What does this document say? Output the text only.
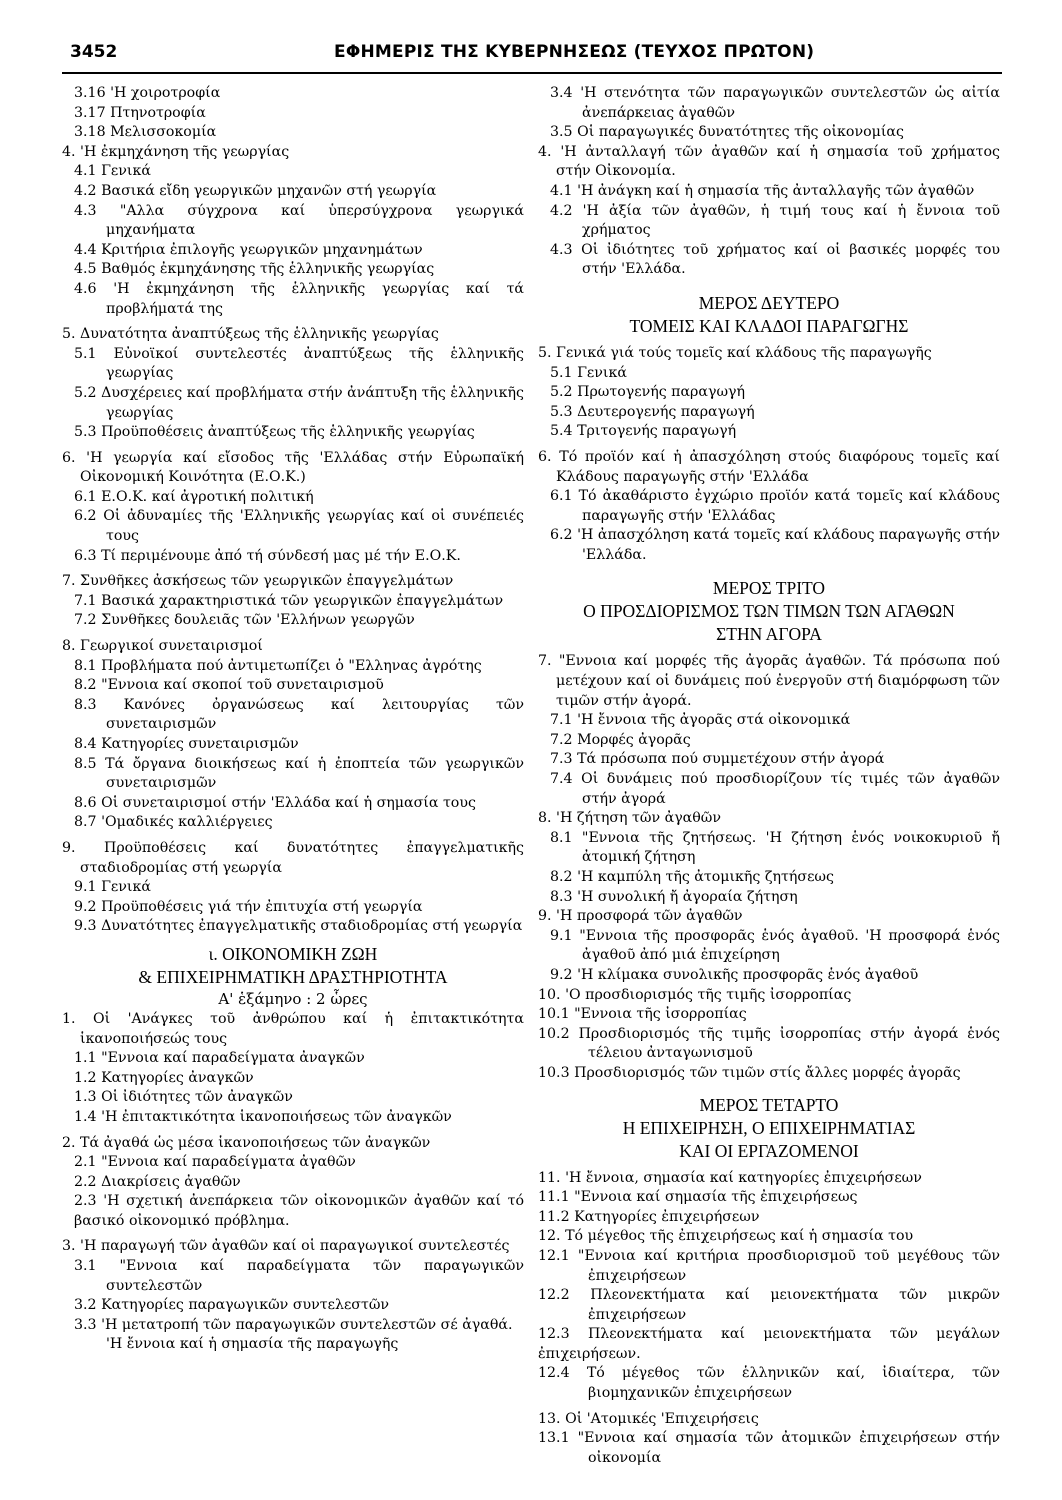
3452	ΕΦΗΜΕΡΙΣ ΤΗΣ ΚΥΒΕΡΝΗΣΕΩΣ (ΤΕΥΧΟΣ ΠΡΩΤΟΝ)
3.16 'Η χοιροτροφία
3.17 Πτηνοτροφία
3.18 Μελισσοκομία
4. 'Η ἐκμηχάνηση τῆς γεωργίας
4.1 Γενικά
4.2 Βασικά εἴδη γεωργικῶν μηχανῶν στή γεωργία
4.3 "Αλλα σύγχρονα καί ὑπερσύγχρονα γεωργικά μηχανήματα
4.4 Κριτήρια ἐπιλογῆς γεωργικῶν μηχανημάτων
4.5 Βαθμός ἐκμηχάνησης τῆς ἑλληνικῆς γεωργίας
4.6 'Η ἐκμηχάνηση τῆς ἑλληνικῆς γεωργίας καί τά προβλήματά της
5. Δυνατότητα ἀναπτύξεως τῆς ἑλληνικῆς γεωργίας
5.1 Εὐνοϊκοί συντελεστές ἀναπτύξεως τῆς ἑλληνικῆς γεωργίας
5.2 Δυσχέρειες καί προβλήματα στήν ἀνάπτυξη τῆς ἑλληνικῆς γεωργίας
5.3 Προϋποθέσεις ἀναπτύξεως τῆς ἑλληνικῆς γεωργίας
6. 'Η γεωργία καί εἴσοδος τῆς 'Ελλάδας στήν Εὐρωπαϊκή Οἰκονομική Κοινότητα (Ε.Ο.Κ.)
6.1 Ε.Ο.Κ. καί ἀγροτική πολιτική
6.2 Οἱ ἀδυναμίες τῆς 'Ελληνικῆς γεωργίας καί οἱ συνέπειές τους
6.3 Τί περιμένουμε ἀπό τή σύνδεσή μας μέ τήν Ε.Ο.Κ.
7. Συνθῆκες ἀσκήσεως τῶν γεωργικῶν ἐπαγγελμάτων
7.1 Βασικά χαρακτηριστικά τῶν γεωργικῶν ἐπαγγελμάτων
7.2 Συνθῆκες δουλειᾶς τῶν 'Ελλήνων γεωργῶν
8. Γεωργικοί συνεταιρισμοί
8.1 Προβλήματα πού ἀντιμετωπίζει ὁ "Ελληνας ἀγρότης
8.2 "Εννοια καί σκοποί τοῦ συνεταιρισμοῦ
8.3 Κανόνες ὀργανώσεως καί λειτουργίας τῶν συνεταιρισμῶν
8.4 Κατηγορίες συνεταιρισμῶν
8.5 Τά ὄργανα διοικήσεως καί ἡ ἐποπτεία τῶν γεωργικῶν συνεταιρισμῶν
8.6 Οἱ συνεταιρισμοί στήν 'Ελλάδα καί ἡ σημασία τους
8.7 'Ομαδικές καλλιέργειες
9. Προϋποθέσεις καί δυνατότητες ἐπαγγελματικῆς σταδιοδρομίας στή γεωργία
9.1 Γενικά
9.2 Προϋποθέσεις γιά τήν ἐπιτυχία στή γεωργία
9.3 Δυνατότητες ἐπαγγελματικῆς σταδιοδρομίας στή γεωργία
ι. ΟΙΚΟΝΟΜΙΚΗ ΖΩΗ
& ΕΠΙΧΕΙΡΗΜΑΤΙΚΗ ΔΡΑΣΤΗΡΙΟΤΗΤΑ
Α' ἑξάμηνο : 2 ὧρες
1. Οἱ 'Ανάγκες τοῦ ἀνθρώπου καί ἡ ἐπιτακτικότητα ἱκανοποιήσεώς τους
1.1 "Εννοια καί παραδείγματα ἀναγκῶν
1.2 Κατηγορίες ἀναγκῶν
1.3 Οἱ ἰδιότητες τῶν ἀναγκῶν
1.4 'Η ἐπιτακτικότητα ἱκανοποιήσεως τῶν ἀναγκῶν
2. Τά ἀγαθά ὡς μέσα ἱκανοποιήσεως τῶν ἀναγκῶν
2.1 "Εννοια καί παραδείγματα ἀγαθῶν
2.2 Διακρίσεις ἀγαθῶν
2.3 'Η σχετική ἀνεπάρκεια τῶν οἰκονομικῶν ἀγαθῶν καί τό βασικό οἰκονομικό πρόβλημα.
3. 'Η παραγωγή τῶν ἀγαθῶν καί οἱ παραγωγικοί συντελεστές
3.1 "Εννοια καί παραδείγματα τῶν παραγωγικῶν συντελεστῶν
3.2 Κατηγορίες παραγωγικῶν συντελεστῶν
3.3 'Η μετατροπή τῶν παραγωγικῶν συντελεστῶν σέ ἀγαθά.
'Η ἔννοια καί ἡ σημασία τῆς παραγωγῆς
3.4 'Η στενότητα τῶν παραγωγικῶν συντελεστῶν ὡς αἰτία ἀνεπάρκειας ἀγαθῶν
3.5 Οἱ παραγωγικές δυνατότητες τῆς οἰκονομίας
4. 'Η ἀνταλλαγή τῶν ἀγαθῶν καί ἡ σημασία τοῦ χρήματος στήν Οἰκονομία.
4.1 'Η ἀνάγκη καί ἡ σημασία τῆς ἀνταλλαγῆς τῶν ἀγαθῶν
4.2 'Η ἀξία τῶν ἀγαθῶν, ἡ τιμή τους καί ἡ ἔννοια τοῦ χρήματος
4.3 Οἱ ἰδιότητες τοῦ χρήματος καί οἱ βασικές μορφές του στήν 'Ελλάδα.
ΜΕΡΟΣ ΔΕΥΤΕΡΟ
ΤΟΜΕΙΣ ΚΑΙ ΚΛΑΔΟΙ ΠΑΡΑΓΩΓΗΣ
5. Γενικά γιά τούς τομεῖς καί κλάδους τῆς παραγωγῆς
5.1 Γενικά
5.2 Πρωτογενής παραγωγή
5.3 Δευτερογενής παραγωγή
5.4 Τριτογενής παραγωγή
6. Τό προϊόν καί ἡ ἀπασχόληση στούς διαφόρους τομεῖς καί Κλάδους παραγωγῆς στήν 'Ελλάδα
6.1 Τό ἀκαθάριστο ἐγχώριο προϊόν κατά τομεῖς καί κλάδους παραγωγῆς στήν 'Ελλάδας
6.2 'Η ἀπασχόληση κατά τομεῖς καί κλάδους παραγωγῆς στήν 'Ελλάδα.
ΜΕΡΟΣ ΤΡΙΤΟ
Ο ΠΡΟΣΔΙΟΡΙΣΜΟΣ ΤΩΝ ΤΙΜΩΝ ΤΩΝ ΑΓΑΘΩΝ
ΣΤΗΝ ΑΓΟΡΑ
7. "Εννοια καί μορφές τῆς ἀγορᾶς ἀγαθῶν. Τά πρόσωπα πού μετέχουν καί οἱ δυνάμεις πού ἐνεργοῦν στή διαμόρφωση τῶν τιμῶν στήν ἀγορά.
7.1 'Η ἔννοια τῆς ἀγορᾶς στά οἰκονομικά
7.2 Μορφές ἀγορᾶς
7.3 Τά πρόσωπα πού συμμετέχουν στήν ἀγορά
7.4 Οἱ δυνάμεις πού προσδιορίζουν τίς τιμές τῶν ἀγαθῶν στήν ἀγορά
8. 'Η ζήτηση τῶν ἀγαθῶν
8.1 "Εννοια τῆς ζητήσεως. 'Η ζήτηση ἑνός νοικοκυριοῦ ἤ ἀτομική ζήτηση
8.2 'Η καμπύλη τῆς ἀτομικῆς ζητήσεως
8.3 'Η συνολική ἤ ἀγοραία ζήτηση
9. 'Η προσφορά τῶν ἀγαθῶν
9.1 "Εννοια τῆς προσφορᾶς ἑνός ἀγαθοῦ. 'Η προσφορά ἑνός ἀγαθοῦ ἀπό μιά ἐπιχείρηση
9.2 'Η κλίμακα συνολικῆς προσφορᾶς ἑνός ἀγαθοῦ
10. 'Ο προσδιορισμός τῆς τιμῆς ἰσορροπίας
10.1 "Εννοια τῆς ἰσορροπίας
10.2 Προσδιορισμός τῆς τιμῆς ἰσορροπίας στήν ἀγορά ἑνός τέλειου ἀνταγωνισμοῦ
10.3 Προσδιορισμός τῶν τιμῶν στίς ἄλλες μορφές ἀγορᾶς
ΜΕΡΟΣ ΤΕΤΑΡΤΟ
Η ΕΠΙΧΕΙΡΗΣΗ, Ο ΕΠΙΧΕΙΡΗΜΑΤΙΑΣ
ΚΑΙ ΟΙ ΕΡΓΑΖΟΜΕΝΟΙ
11. 'Η ἔννοια, σημασία καί κατηγορίες ἐπιχειρήσεων
11.1 "Εννοια καί σημασία τῆς ἐπιχειρήσεως
11.2 Κατηγορίες ἐπιχειρήσεων
12. Τό μέγεθος τῆς ἐπιχειρήσεως καί ἡ σημασία του
12.1 "Εννοια καί κριτήρια προσδιορισμοῦ τοῦ μεγέθους τῶν ἐπιχειρήσεων
12.2 Πλεονεκτήματα καί μειονεκτήματα τῶν μικρῶν ἐπιχειρήσεων
12.3 Πλεονεκτήματα καί μειονεκτήματα τῶν μεγάλων ἐπιχειρήσεων.
12.4 Τό μέγεθος τῶν ἑλληνικῶν καί, ἰδιαίτερα, τῶν βιομηχανικῶν ἐπιχειρήσεων
13. Οἱ 'Ατομικές 'Επιχειρήσεις
13.1 "Εννοια καί σημασία τῶν ἀτομικῶν ἐπιχειρήσεων στήν οἰκονομία
